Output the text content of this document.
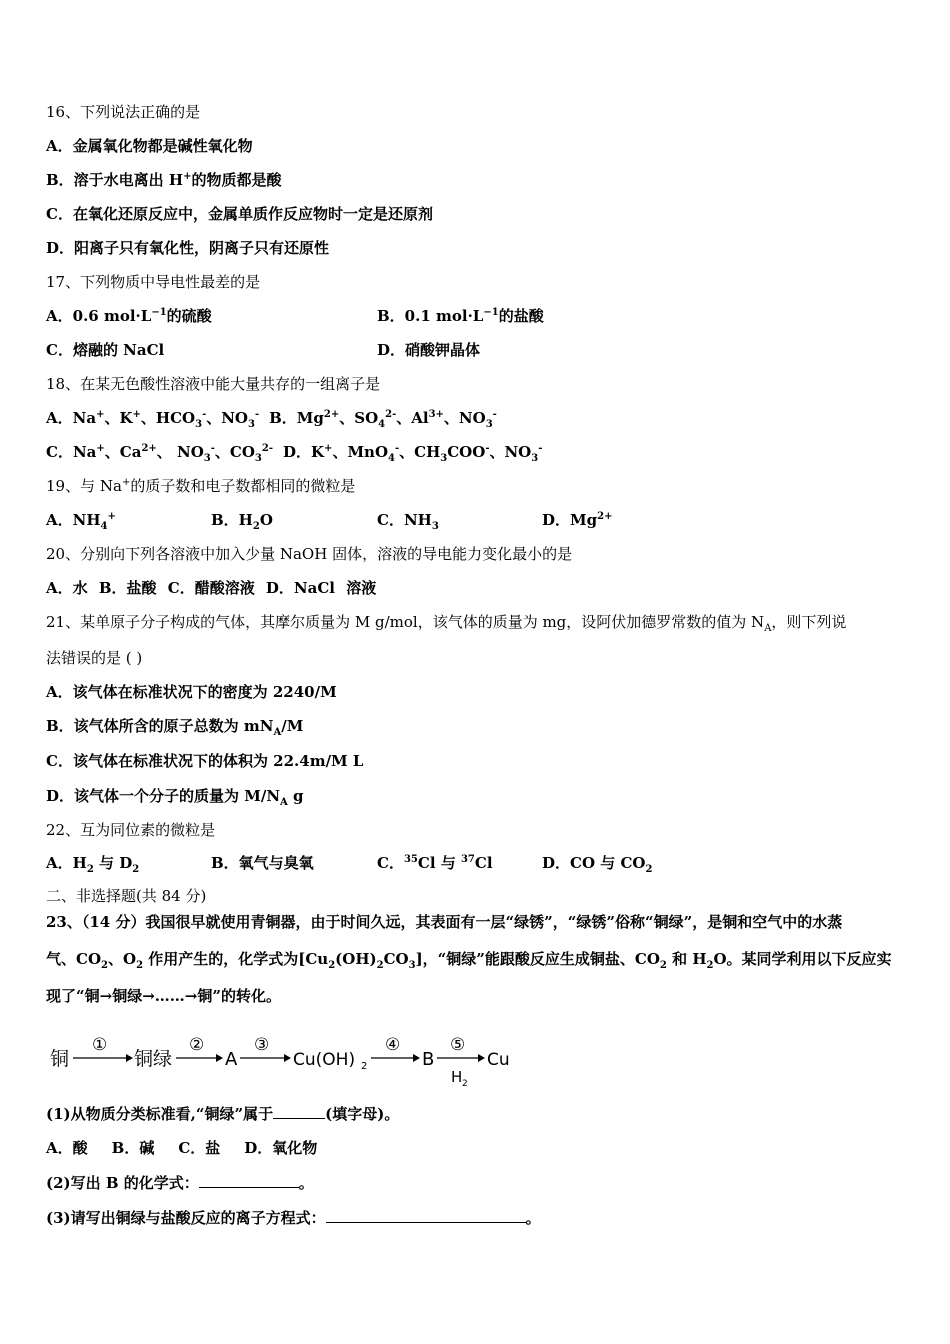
16、下列说法正确的是
A．金属氧化物都是碱性氧化物
B．溶于水电离出 H+的物质都是酸
C．在氧化还原反应中，金属单质作反应物时一定是还原剂
D．阳离子只有氧化性，阴离子只有还原性
17、下列物质中导电性最差的是
A．0.6 $mol\cdot L^{-1}$的硫酸	B．0.1 $mol\cdot L^{-1}$的盐酸
C．熔融的 NaCl	D．硝酸钾晶体
18、在某无色酸性溶液中能大量共存的一组离子是
A．Na+、K+、$HCO_3^-$、$NO_3^-$ B．$Mg^{2+}$、$SO_4^{2-}$、$Al^{3+}$、$NO_3^-$
C．Na+、$Ca^{2+}$、 $NO_3^-$、$CO_3^{2-}$ D．K+、MnO$_4$-、$CH_3COO^-$、$NO_3^-$
19、与 Na+的质子数和电子数都相同的微粒是
A．$NH_4^+$	B．$H_2O$	C．$NH_3$	D．$Mg^{2+}$
20、分别向下列各溶液中加入少量 NaOH 固体，溶液的导电能力变化最小的是
A．水 B．盐酸 C．醋酸溶液 D．NaCl 溶液
21、某单原子分子构成的气体，其摩尔质量为 M g/mol，该气体的质量为 mg，设阿伏加德罗常数的值为 $N_A$，则下列说
法错误的是 ( )
A．该气体在标准状况下的密度为 2240/M
B．该气体所含的原子总数为 $mN_A/M$
C．该气体在标准状况下的体积为 22.4m/M L
D．该气体一个分子的质量为 $M/N_A$ g
22、互为同位素的微粒是
A．$H_2$ 与 $D_2$	B．氧气与臭氧	C．$^{35}$Cl 与 $^{37}$Cl	D．CO 与 $CO_2$
二、非选择题(共 84 分)
23、（14 分）我国很早就使用青铜器，由于时间久远，其表面有一层“绿锈”，“绿锈”俗称“铜绿”，是铜和空气中的水蒸
气、$CO_2$、$O_2$ 作用产生的，化学式为$[Cu_2(OH)_2CO_3]$，“铜绿”能跟酸反应生成铜盐、$CO_2$ 和 $H_2O$。某同学利用以下反应实
现了“铜→铜绿→……→铜”的转化。
铜
①
铜绿
②
A
③
Cu(OH) 2
④
B
⑤
H 2
Cu
(1)从物质分类标准看,“铜绿”属于	(填字母)。
A．酸 B．碱 C．盐 D．氧化物
(2)写出 B 的化学式：	。
(3)请写出铜绿与盐酸反应的离子方程式：	。
